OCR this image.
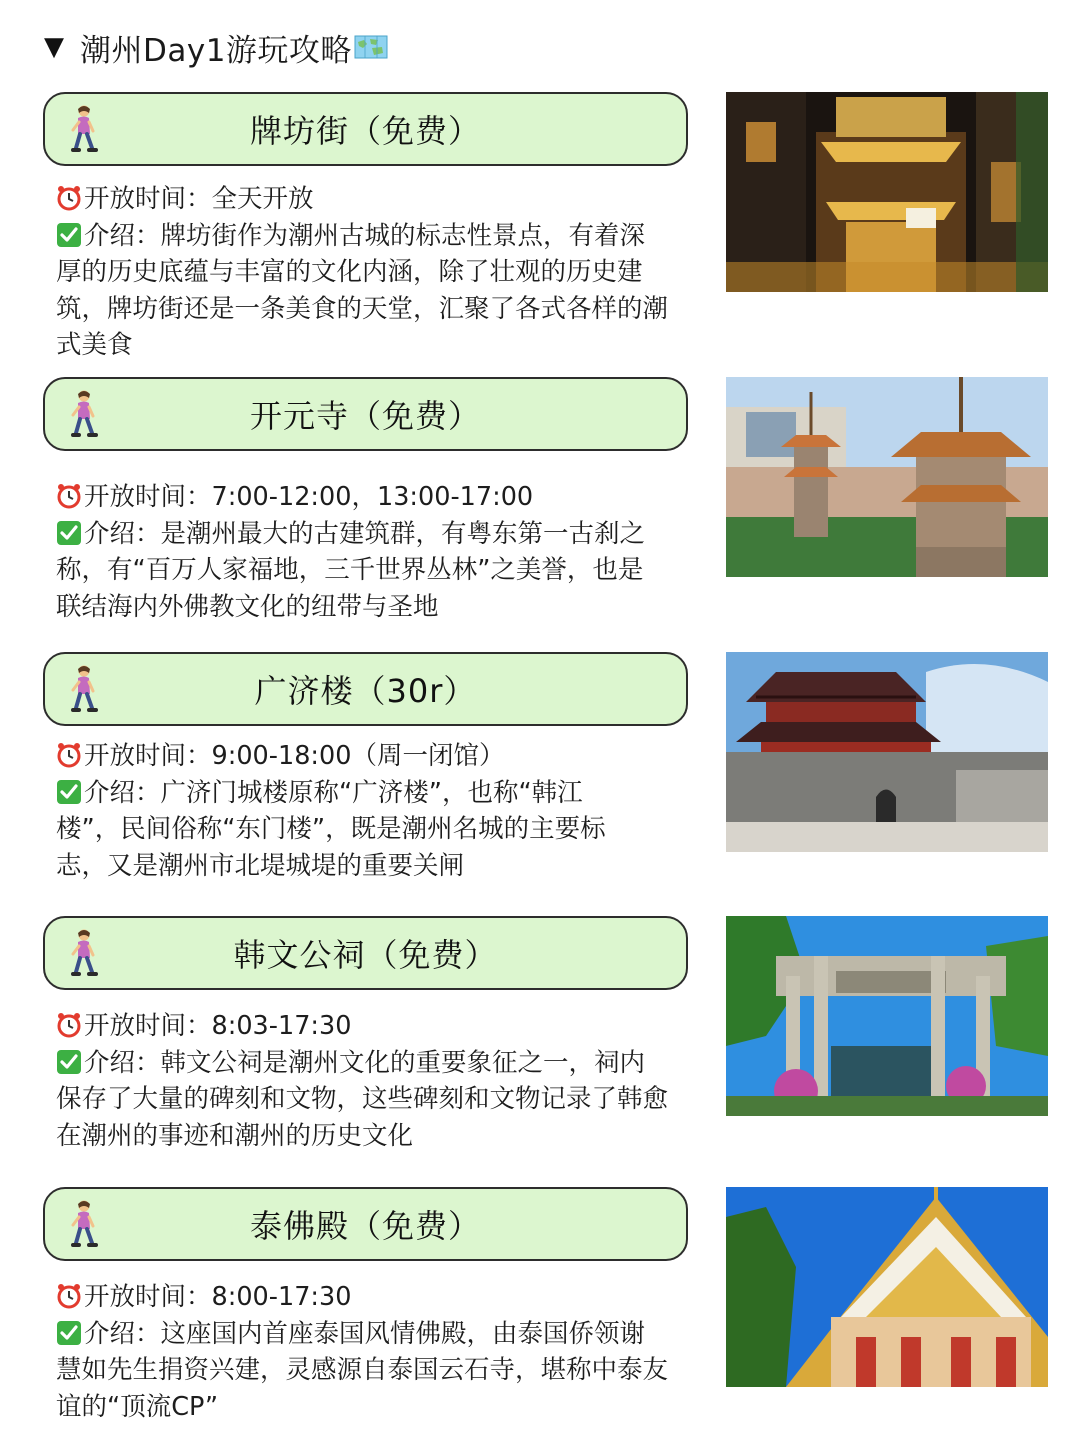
▼ 潮州Day1游玩攻略
牌坊街（免费）
开放时间：全天开放
介绍：牌坊街作为潮州古城的标志性景点，有着深
厚的历史底蕴与丰富的文化内涵，除了壮观的历史建
筑，牌坊街还是一条美食的天堂，汇聚了各式各样的潮
式美食
开元寺（免费）
开放时间：7:00-12:00，13:00-17:00
介绍：是潮州最大的古建筑群，有粤东第一古刹之
称，有“百万人家福地，三千世界丛林”之美誉，也是
联结海内外佛教文化的纽带与圣地
广济楼（30r）
开放时间：9:00-18:00（周一闭馆）
介绍：广济门城楼原称“广济楼”，也称“韩江
楼”，民间俗称“东门楼”，既是潮州名城的主要标
志，又是潮州市北堤城堤的重要关闸
韩文公祠（免费）
开放时间：8:03-17:30
介绍：韩文公祠是潮州文化的重要象征之一，祠内
保存了大量的碑刻和文物，这些碑刻和文物记录了韩愈
在潮州的事迹和潮州的历史文化
泰佛殿（免费）
开放时间：8:00-17:30
介绍：这座国内首座泰国风情佛殿，由泰国侨领谢
慧如先生捐资兴建，灵感源自泰国云石寺，堪称中泰友
谊的“顶流CP”
